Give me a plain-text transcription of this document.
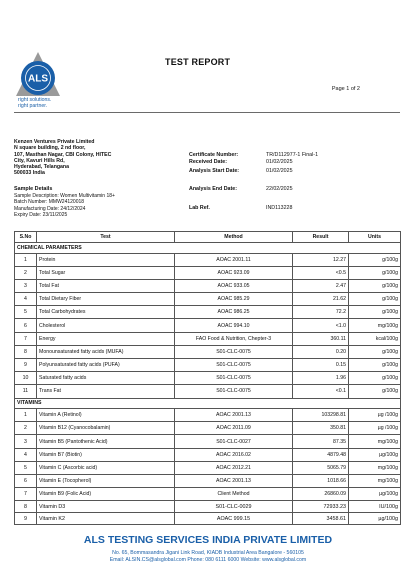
ALS
right solutions.
right partner.
TEST REPORT
Page 1 of 2
Kenzen Ventures Private Limited
N square building, 2 nd floor,
107, Masthan Nagar, CBI Colony, HITEC
City, Kavuri Hills Rd,
Hyderabad, Telangana
500033 India
Sample Details
Sample Description: Women Multivitamin 18+
Batch Number: MMW24120018
Manufacturing Date: 24/12/2024
Expiry Date: 23/11/2025
Certificate Number:	TR/D112977-1 Final-1
Received Date:	01/02/2025
Analysis Start Date:	01/02/2025
Analysis End Date:	22/02/2025
Lab Ref.	IND113228
S.No	Test	Method	Result	Units
CHEMICAL PARAMETERS				
1	Protein	AOAC 2001.11	12.27	g/100g
2	Total Sugar	AOAC 923.09	<0.5	g/100g
3	Total Fat	AOAC 933.05	2.47	g/100g
4	Total Dietary Fiber	AOAC 985.29	21.62	g/100g
5	Total Carbohydrates	AOAC 986.25	72.2	g/100g
6	Cholesterol	AOAC 994.10	<1.0	mg/100g
7	Energy	FAO Food & Nutrition, Chepter-3	360.11	kcal/100g
8	Monounsaturated fatty acids (MUFA)	S01-CLC-0075	0.20	g/100g
9	Polyunsaturated fatty acids (PUFA)	S01-CLC-0075	0.15	g/100g
10	Saturated fatty acids	S01-CLC-0075	1.96	g/100g
11	Trans Fat	S01-CLC-0075	<0.1	g/100g
VITAMINS				
1	Vitamin A (Retinol)	AOAC 2001.13	103298.81	µg /100g
2	Vitamin B12 (Cyanocobalamin)	AOAC 2011.09	350.81	µg /100g
3	Vitamin B5 (Pantothenic Acid)	S01-CLC-0027	87.35	mg/100g
4	Vitamin B7 (Biotin)	AOAC 2016.02	4879.48	µg/100g
5	Vitamin C (Ascorbic acid)	AOAC 2012.21	5065.79	mg/100g
6	Vitamin E (Tocopherol)	AOAC 2001.13	1018.66	mg/100g
7	Vitamin B9 (Folic Acid)	Client Method	26860.09	µg/100g
8	Vitamin D3	S01-CLC-0029	72933.23	IU/100g
9	Vitamin K2	AOAC 999.15	3458.61	µg/100g
ALS TESTING SERVICES INDIA PRIVATE LIMITED
No. 65, Bommasandra Jigani Link Road, KIADB Industrial Area Bangalore - 560105
Email: ALSIN.CS@alsglobal.com Phone: 080 6111 6000 Website: www.alsglobal.com
